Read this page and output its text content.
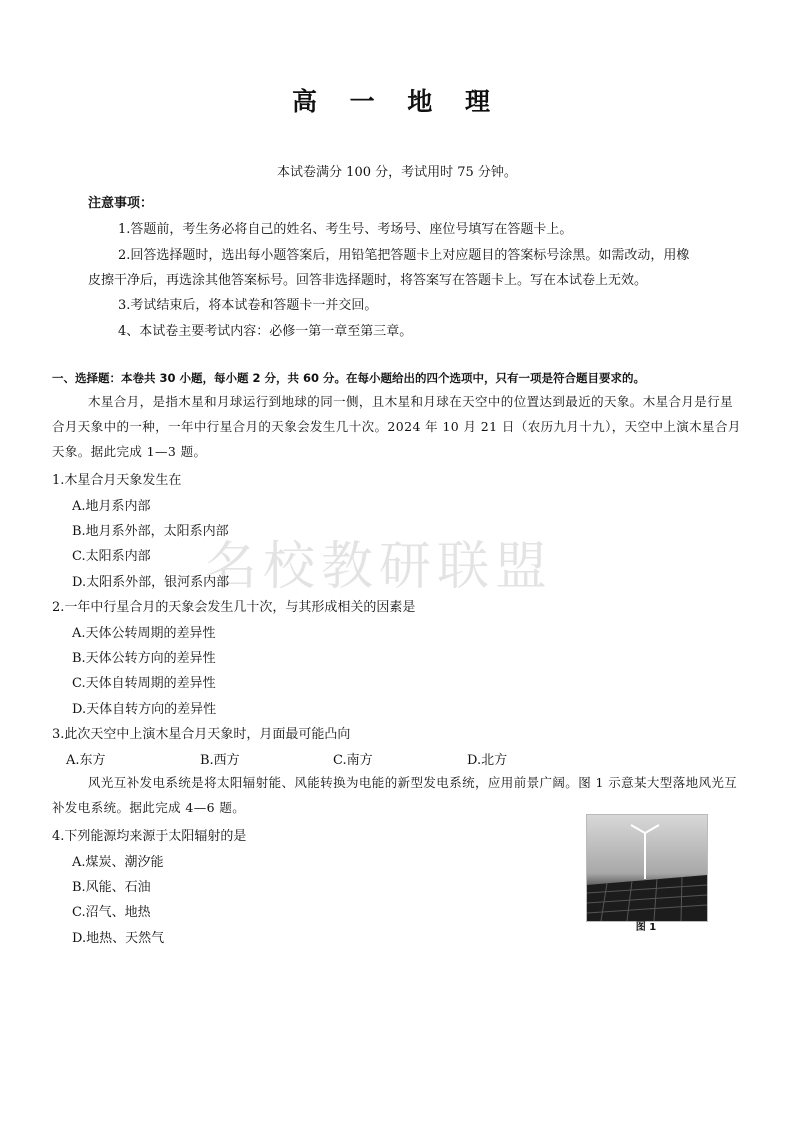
名校教研联盟
高 一 地 理
本试卷满分 100 分，考试用时 75 分钟。
注意事项：
1.答题前，考生务必将自己的姓名、考生号、考场号、座位号填写在答题卡上。
2.回答选择题时，选出每小题答案后，用铅笔把答题卡上对应题目的答案标号涂黑。如需改动，用橡
皮擦干净后，再选涂其他答案标号。回答非选择题时，将答案写在答题卡上。写在本试卷上无效。
3.考试结束后，将本试卷和答题卡一并交回。
4、本试卷主要考试内容：必修一第一章至第三章。
一、选择题：本卷共 30 小题，每小题 2 分，共 60 分。在每小题给出的四个选项中，只有一项是符合题目要求的。
木星合月，是指木星和月球运行到地球的同一侧，且木星和月球在天空中的位置达到最近的天象。木星合月是行星合月天象中的一种，一年中行星合月的天象会发生几十次。2024 年 10 月 21 日（农历九月十九），天空中上演木星合月天象。据此完成 1—3 题。
1.木星合月天象发生在
A.地月系内部
B.地月系外部，太阳系内部
C.太阳系内部
D.太阳系外部，银河系内部
2.一年中行星合月的天象会发生几十次，与其形成相关的因素是
A.天体公转周期的差异性
B.天体公转方向的差异性
C.天体自转周期的差异性
D.天体自转方向的差异性
3.此次天空中上演木星合月天象时，月面最可能凸向
A.东方	B.西方	C.南方	D.北方
风光互补发电系统是将太阳辐射能、风能转换为电能的新型发电系统，应用前景广阔。图 1 示意某大型落地风光互补发电系统。据此完成 4—6 题。
4.下列能源均来源于太阳辐射的是
A.煤炭、潮汐能
B.风能、石油
C.沼气、地热
D.地热、天然气
图 1
